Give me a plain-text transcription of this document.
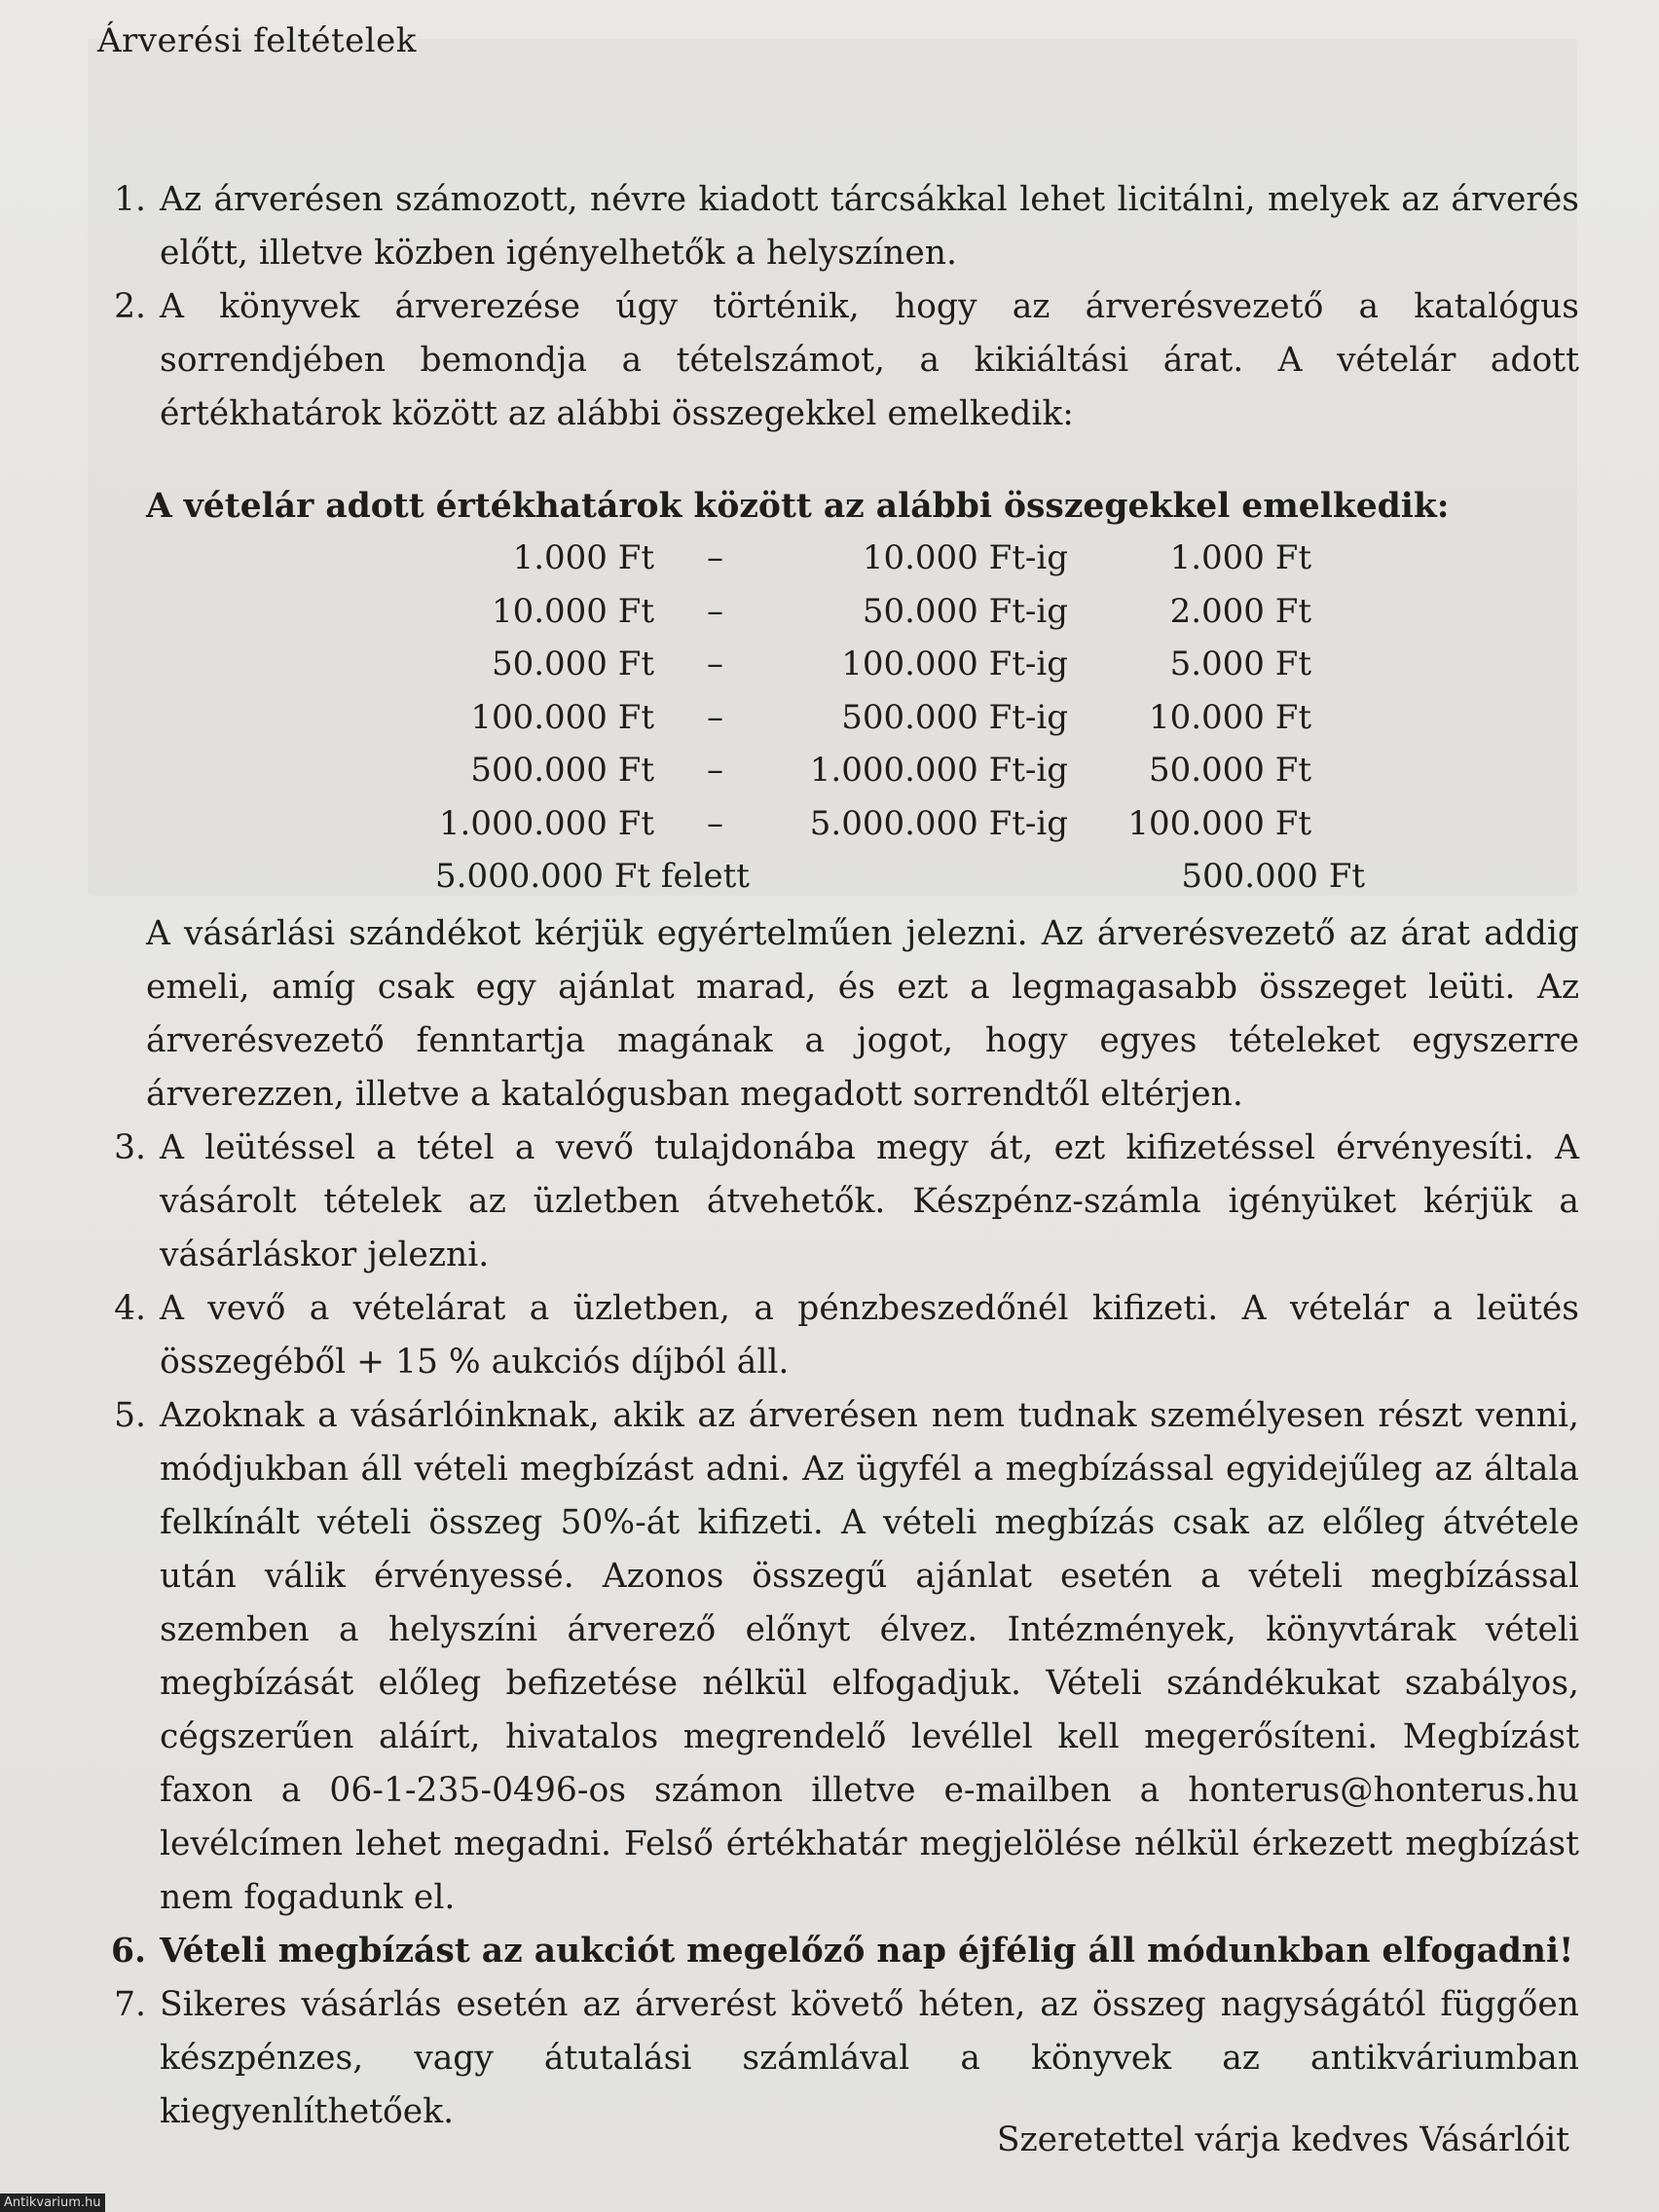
Árverési feltételek
1. Az árverésen számozott, névre kiadott tárcsákkal lehet licitálni, melyek az árverés előtt, illetve közben igényelhetők a helyszínen.
2. A könyvek árverezése úgy történik, hogy az árverésvezető a katalógus sorrendjében bemondja a tételszámot, a kikiáltási árat. A vételár adott értékhatárok között az alábbi összegekkel emelkedik:
A vételár adott értékhatárok között az alábbi összegekkel emelkedik:
1.000 Ft	–	10.000 Ft-ig	1.000 Ft
10.000 Ft	–	50.000 Ft-ig	2.000 Ft
50.000 Ft	–	100.000 Ft-ig	5.000 Ft
100.000 Ft	–	500.000 Ft-ig	10.000 Ft
500.000 Ft	–	1.000.000 Ft-ig	50.000 Ft
1.000.000 Ft	–	5.000.000 Ft-ig	100.000 Ft
5.000.000 Ft felett	500.000 Ft
A vásárlási szándékot kérjük egyértelműen jelezni. Az árverésvezető az árat addig emeli, amíg csak egy ajánlat marad, és ezt a legmagasabb összeget leüti. Az árverésvezető fenntartja magának a jogot, hogy egyes tételeket egyszerre árverezzen, illetve a katalógusban megadott sorrendtől eltérjen.
3. A leütéssel a tétel a vevő tulajdonába megy át, ezt kifizetéssel érvényesíti. A vásárolt tételek az üzletben átvehetők. Készpénz-számla igényüket kérjük a vásárláskor jelezni.
4. A vevő a vételárat a üzletben, a pénzbeszedőnél kifizeti. A vételár a leütés összegéből + 15 % aukciós díjból áll.
5. Azoknak a vásárlóinknak, akik az árverésen nem tudnak személyesen részt venni, módjukban áll vételi megbízást adni. Az ügyfél a megbízással egyidejűleg az általa felkínált vételi összeg 50%-át kifizeti. A vételi megbízás csak az előleg átvétele után válik érvényessé. Azonos összegű ajánlat esetén a vételi megbízással szemben a helyszíni árverező előnyt élvez. Intézmények, könyvtárak vételi megbízását előleg befizetése nélkül elfogadjuk. Vételi szándékukat szabályos, cégszerűen aláírt, hivatalos megrendelő levéllel kell megerősíteni. Megbízást faxon a 06-1-235-0496-os számon illetve e-mailben a honterus@honterus.hu levélcímen lehet megadni. Felső értékhatár megjelölése nélkül érkezett megbízást nem fogadunk el.
6. Vételi megbízást az aukciót megelőző nap éjfélig áll módunkban elfogadni!
7. Sikeres vásárlás esetén az árverést követő héten, az összeg nagyságától függően készpénzes, vagy átutalási számlával a könyvek az antikváriumban kiegyenlíthetőek.
Szeretettel várja kedves Vásárlóit
Antikvarium.hu
